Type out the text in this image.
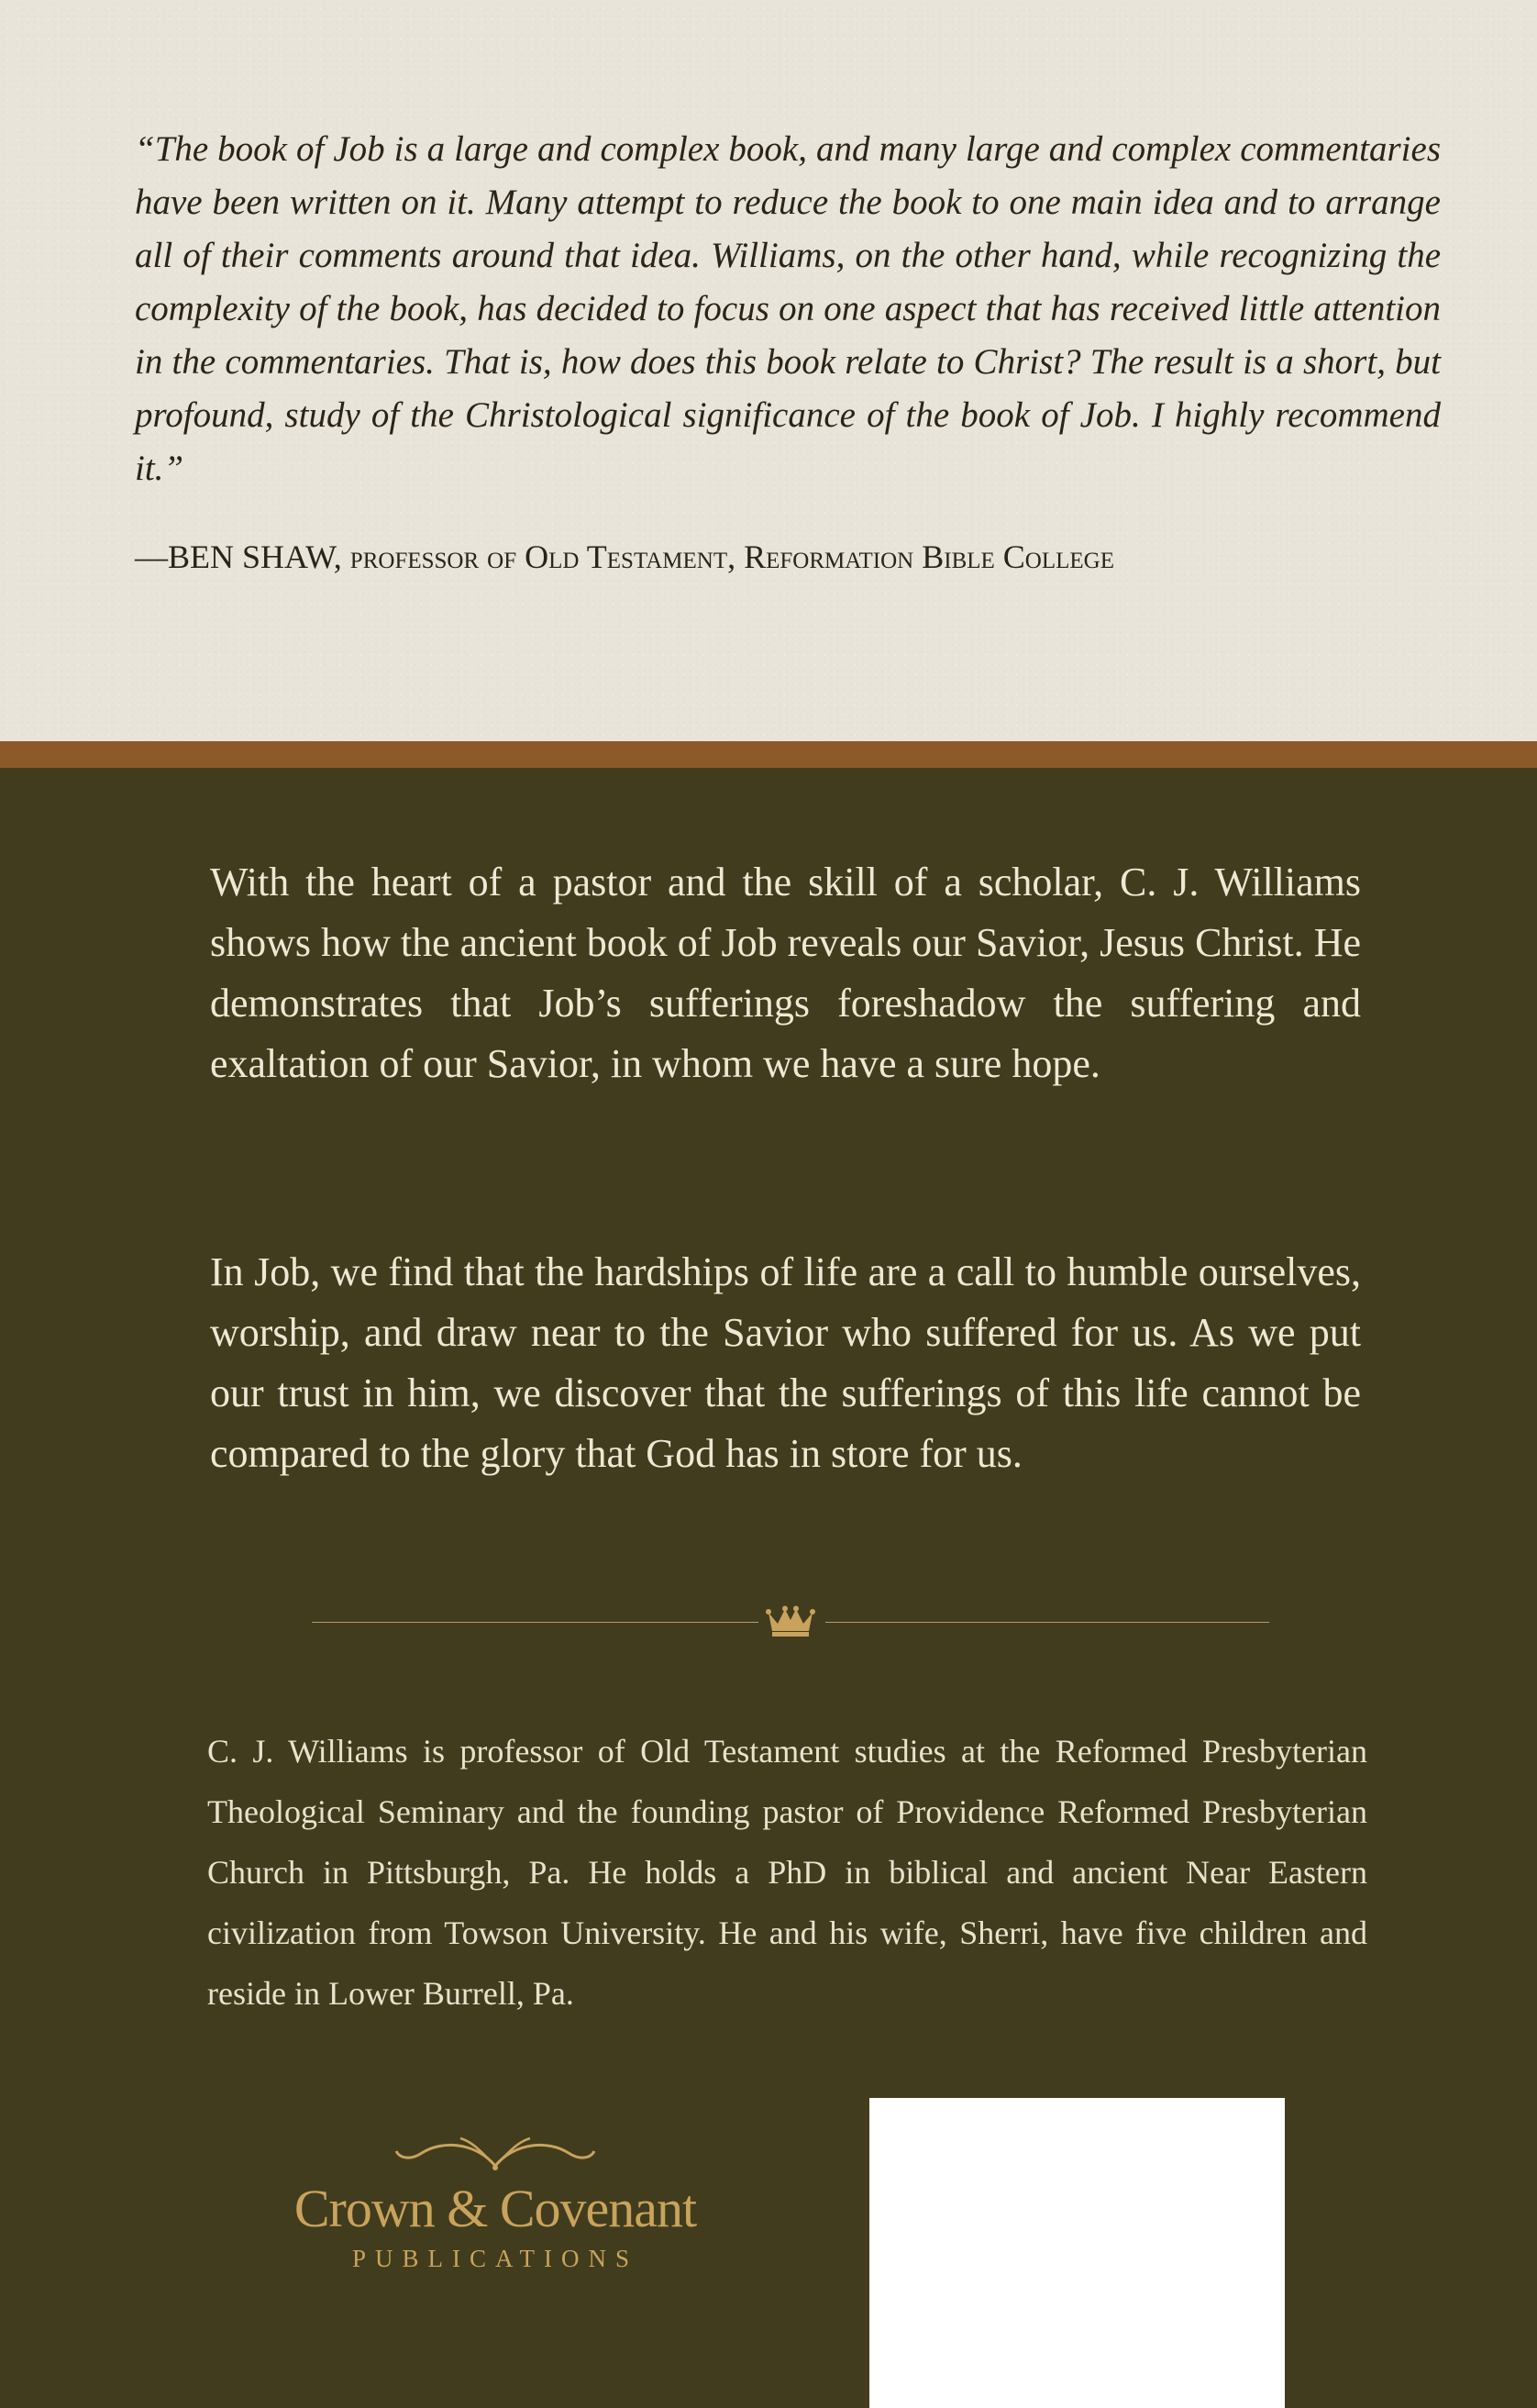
“The book of Job is a large and complex book, and many large and complex commentaries have been written on it. Many attempt to reduce the book to one main idea and to arrange all of their comments around that idea. Williams, on the other hand, while recognizing the complexity of the book, has decided to focus on one aspect that has received little attention in the commentaries. That is, how does this book relate to Christ? The result is a short, but profound, study of the Christological significance of the book of Job. I highly recommend it.”

—BEN SHAW, professor of Old Testament, Reformation Bible College

With the heart of a pastor and the skill of a scholar, C. J. Williams shows how the ancient book of Job reveals our Savior, Jesus Christ. He demonstrates that Job’s sufferings foreshadow the suffering and exaltation of our Savior, in whom we have a sure hope.

In Job, we find that the hardships of life are a call to humble ourselves, worship, and draw near to the Savior who suffered for us. As we put our trust in him, we discover that the sufferings of this life cannot be compared to the glory that God has in store for us.

C. J. Williams is professor of Old Testament studies at the Reformed Presbyterian Theological Seminary and the founding pastor of Providence Reformed Presbyterian Church in Pittsburgh, Pa. He holds a PhD in biblical and ancient Near Eastern civilization from Towson University. He and his wife, Sherri, have five children and reside in Lower Burrell, Pa.

Crown & Covenant
PUBLICATIONS
